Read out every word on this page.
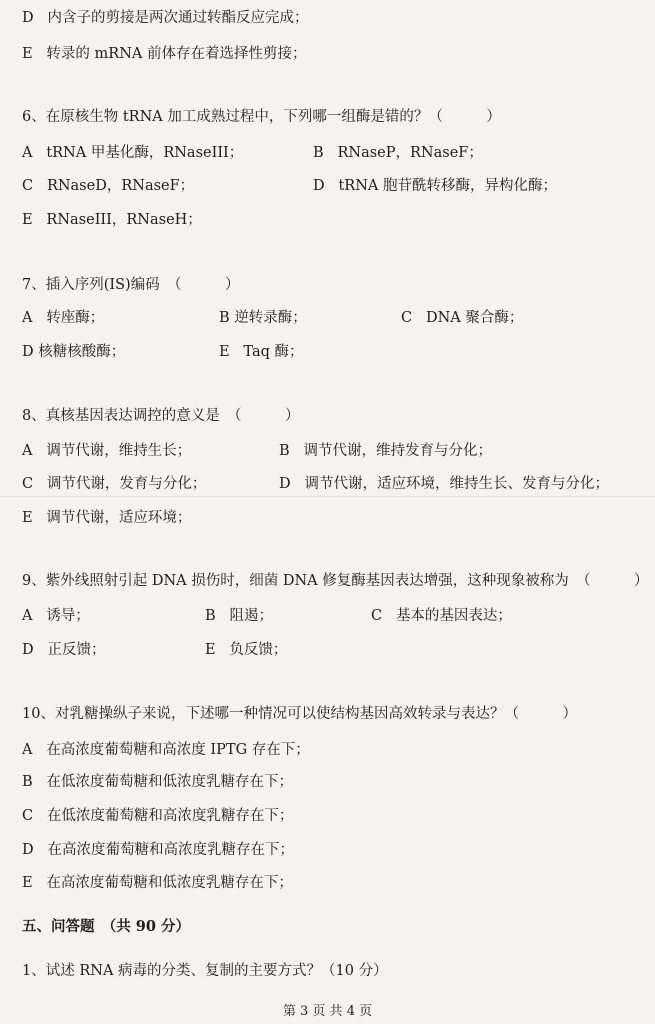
D 内含子的剪接是两次通过转酯反应完成；
E 转录的 mRNA 前体存在着选择性剪接；
6、在原核生物 tRNA 加工成熟过程中，下列哪一组酶是错的？（　　　）
A tRNA 甲基化酶，RNaseIII；	B RNaseP，RNaseF；
C RNaseD，RNaseF；	D tRNA 胞苷酰转移酶，异构化酶；
E RNaseIII，RNaseH；
7、插入序列(IS)编码　（　　　）
A 转座酶；	B 逆转录酶；	C DNA 聚合酶；
D 核糖核酸酶；	E Taq 酶；
8、真核基因表达调控的意义是　（　　　）
A 调节代谢，维持生长；	B 调节代谢，维持发育与分化；
C 调节代谢，发育与分化；	D 调节代谢，适应环境，维持生长、发育与分化；
E 调节代谢，适应环境；
9、紫外线照射引起 DNA 损伤时，细菌 DNA 修复酶基因表达增强，这种现象被称为　（　　　）
A 诱导；	B 阻遏；	C 基本的基因表达；
D 正反馈；	E 负反馈；
10、对乳糖操纵子来说，下述哪一种情况可以使结构基因高效转录与表达？（　　　）
A 在高浓度葡萄糖和高浓度 IPTG 存在下；
B 在低浓度葡萄糖和低浓度乳糖存在下；
C 在低浓度葡萄糖和高浓度乳糖存在下；
D 在高浓度葡萄糖和高浓度乳糖存在下；
E 在高浓度葡萄糖和低浓度乳糖存在下；
五、问答题　（共 90 分）
1、试述 RNA 病毒的分类、复制的主要方式？（10 分）
第 3 页 共 4 页
